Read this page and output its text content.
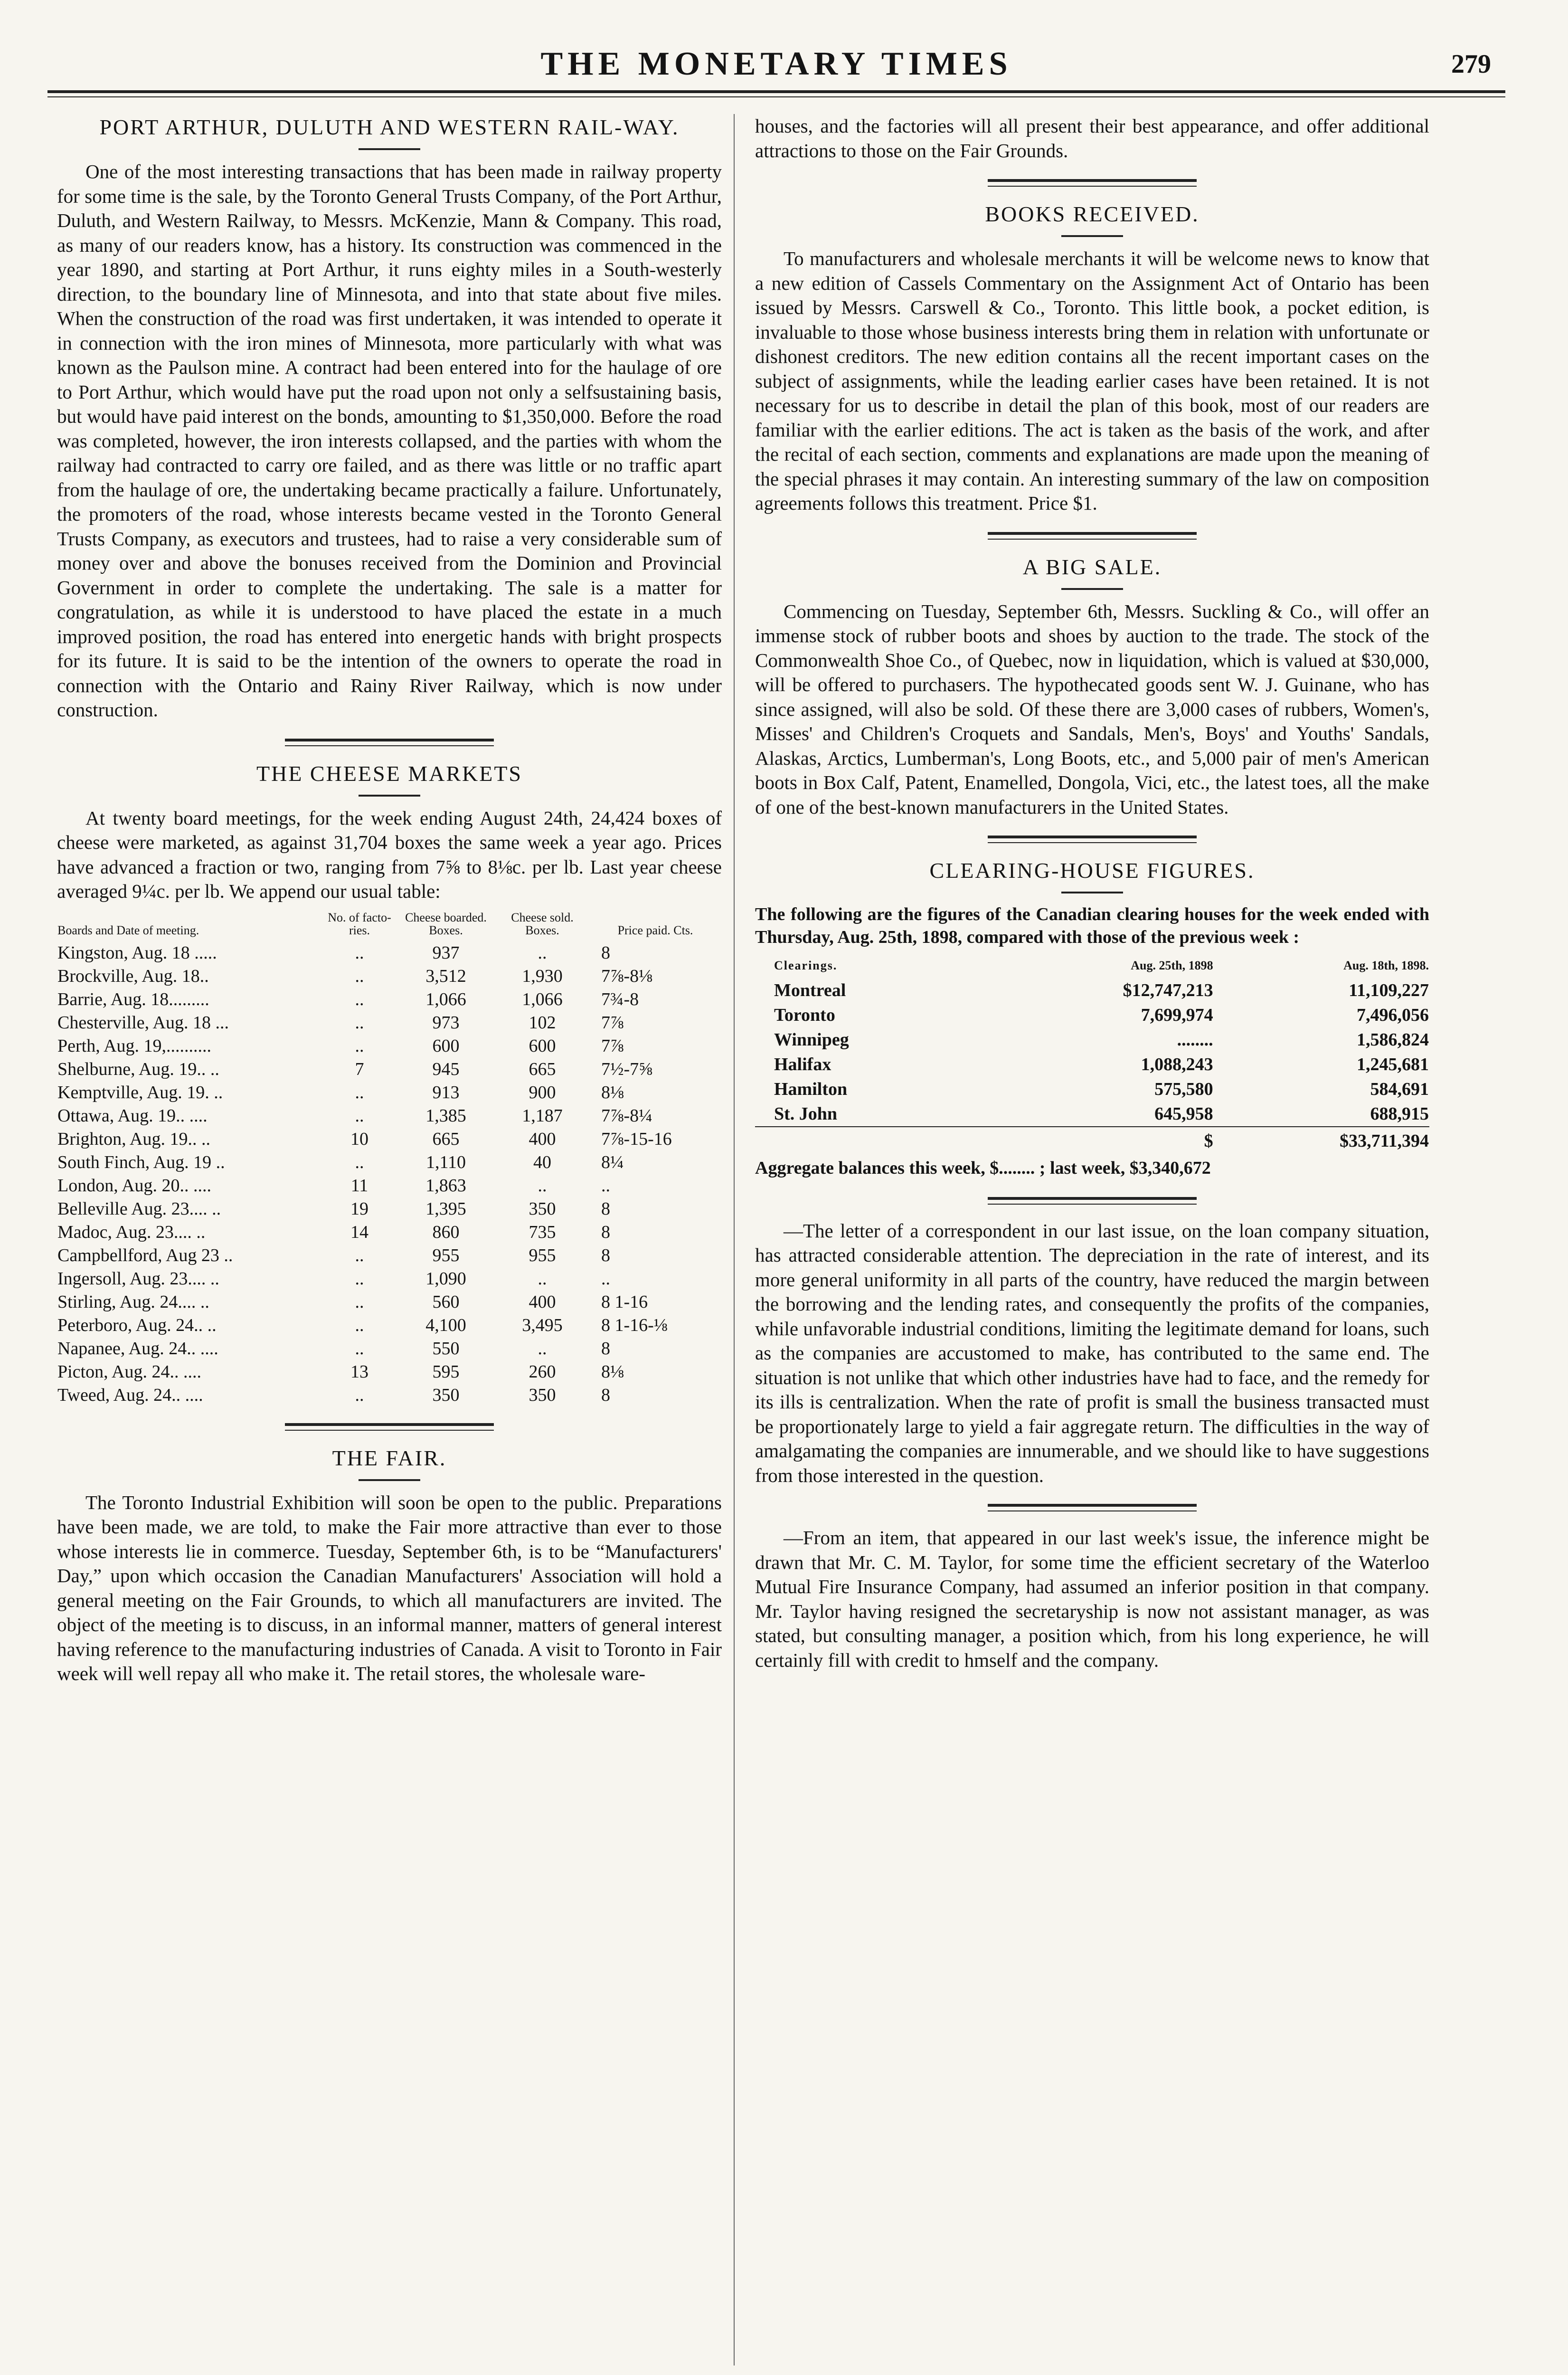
THE MONETARY TIMES	279
PORT ARTHUR, DULUTH AND WESTERN RAIL-WAY.

One of the most interesting transactions that has been made in railway property for some time is the sale, by the Toronto General Trusts Company, of the Port Arthur, Duluth, and Western Railway, to Messrs. McKenzie, Mann & Company. This road, as many of our readers know, has a history. Its construction was commenced in the year 1890, and starting at Port Arthur, it runs eighty miles in a South-westerly direction, to the boundary line of Minnesota, and into that state about five miles. When the construction of the road was first undertaken, it was intended to operate it in connection with the iron mines of Minnesota, more particularly with what was known as the Paulson mine. A contract had been entered into for the haulage of ore to Port Arthur, which would have put the road upon not only a selfsustaining basis, but would have paid interest on the bonds, amounting to $1,350,000. Before the road was completed, however, the iron interests collapsed, and the parties with whom the railway had contracted to carry ore failed, and as there was little or no traffic apart from the haulage of ore, the undertaking became practically a failure. Unfortunately, the promoters of the road, whose interests became vested in the Toronto General Trusts Company, as executors and trustees, had to raise a very considerable sum of money over and above the bonuses received from the Dominion and Provincial Government in order to complete the undertaking. The sale is a matter for congratulation, as while it is understood to have placed the estate in a much improved position, the road has entered into energetic hands with bright prospects for its future. It is said to be the intention of the owners to operate the road in connection with the Ontario and Rainy River Railway, which is now under construction.

THE CHEESE MARKETS

At twenty board meetings, for the week ending August 24th, 24,424 boxes of cheese were marketed, as against 31,704 boxes the same week a year ago. Prices have advanced a fraction or two, ranging from 7⅝ to 8⅛c. per lb. Last year cheese averaged 9¼c. per lb. We append our usual table:

Boards and Date of meeting.	No. of facto-ries.	Cheese boarded. Boxes.	Cheese sold. Boxes.	Price paid. Cts.
Kingston, Aug. 18 .....	..	937	..	8
Brockville, Aug. 18..	..	3,512	1,930	7⅞-8⅛
Barrie, Aug. 18.........	..	1,066	1,066	7¾-8
Chesterville, Aug. 18 ...	..	973	102	7⅞
Perth, Aug. 19,..........	..	600	600	7⅞
Shelburne, Aug. 19.. ..	7	945	665	7½-7⅝
Kemptville, Aug. 19. ..	..	913	900	8⅛
Ottawa, Aug. 19.. ....	..	1,385	1,187	7⅞-8¼
Brighton, Aug. 19.. ..	10	665	400	7⅞-15-16
South Finch, Aug. 19 ..	..	1,110	40	8¼
London, Aug. 20.. ....	11	1,863	..	..
Belleville Aug. 23.... ..	19	1,395	350	8
Madoc, Aug. 23.... ..	14	860	735	8
Campbellford, Aug 23 ..	..	955	955	8
Ingersoll, Aug. 23.... ..	..	1,090	..	..
Stirling, Aug. 24.... ..	..	560	400	8 1-16
Peterboro, Aug. 24.. ..	..	4,100	3,495	8 1-16-⅛
Napanee, Aug. 24.. ....	..	550	..	8
Picton, Aug. 24.. ....	13	595	260	8⅛
Tweed, Aug. 24.. ....	..	350	350	8
THE FAIR.

The Toronto Industrial Exhibition will soon be open to the public. Preparations have been made, we are told, to make the Fair more attractive than ever to those whose interests lie in commerce. Tuesday, September 6th, is to be “Manufacturers' Day,” upon which occasion the Canadian Manufacturers' Association will hold a general meeting on the Fair Grounds, to which all manufacturers are invited. The object of the meeting is to discuss, in an informal manner, matters of general interest having reference to the manufacturing industries of Canada. A visit to Toronto in Fair week will well repay all who make it. The retail stores, the wholesale ware-

houses, and the factories will all present their best appearance, and offer additional attractions to those on the Fair Grounds.

BOOKS RECEIVED.

To manufacturers and wholesale merchants it will be welcome news to know that a new edition of Cassels Commentary on the Assignment Act of Ontario has been issued by Messrs. Carswell & Co., Toronto. This little book, a pocket edition, is invaluable to those whose business interests bring them in relation with unfortunate or dishonest creditors. The new edition contains all the recent important cases on the subject of assignments, while the leading earlier cases have been retained. It is not necessary for us to describe in detail the plan of this book, most of our readers are familiar with the earlier editions. The act is taken as the basis of the work, and after the recital of each section, comments and explanations are made upon the meaning of the special phrases it may contain. An interesting summary of the law on composition agreements follows this treatment. Price $1.

A BIG SALE.

Commencing on Tuesday, September 6th, Messrs. Suckling & Co., will offer an immense stock of rubber boots and shoes by auction to the trade. The stock of the Commonwealth Shoe Co., of Quebec, now in liquidation, which is valued at $30,000, will be offered to purchasers. The hypothecated goods sent W. J. Guinane, who has since assigned, will also be sold. Of these there are 3,000 cases of rubbers, Women's, Misses' and Children's Croquets and Sandals, Men's, Boys' and Youths' Sandals, Alaskas, Arctics, Lumberman's, Long Boots, etc., and 5,000 pair of men's American boots in Box Calf, Patent, Enamelled, Dongola, Vici, etc., the latest toes, all the make of one of the best-known manufacturers in the United States.

CLEARING-HOUSE FIGURES.

The following are the figures of the Canadian clearing houses for the week ended with Thursday, Aug. 25th, 1898, compared with those of the previous week :

Clearings.	Aug. 25th, 1898	Aug. 18th, 1898.
Montreal	$12,747,213	11,109,227
Toronto	7,699,974	7,496,056
Winnipeg	........	1,586,824
Halifax	1,088,243	1,245,681
Hamilton	575,580	584,691
St. John	645,958	688,915
	$	$33,711,394

Aggregate balances this week, $........ ; last week, $3,340,672

—The letter of a correspondent in our last issue, on the loan company situation, has attracted considerable attention. The depreciation in the rate of interest, and its more general uniformity in all parts of the country, have reduced the margin between the borrowing and the lending rates, and consequently the profits of the companies, while unfavorable industrial conditions, limiting the legitimate demand for loans, such as the companies are accustomed to make, has contributed to the same end. The situation is not unlike that which other industries have had to face, and the remedy for its ills is centralization. When the rate of profit is small the business transacted must be proportionately large to yield a fair aggregate return. The difficulties in the way of amalgamating the companies are innumerable, and we should like to have suggestions from those interested in the question.

—From an item, that appeared in our last week's issue, the inference might be drawn that Mr. C. M. Taylor, for some time the efficient secretary of the Waterloo Mutual Fire Insurance Company, had assumed an inferior position in that company. Mr. Taylor having resigned the secretaryship is now not assistant manager, as was stated, but consulting manager, a position which, from his long experience, he will certainly fill with credit to hmself and the company.
